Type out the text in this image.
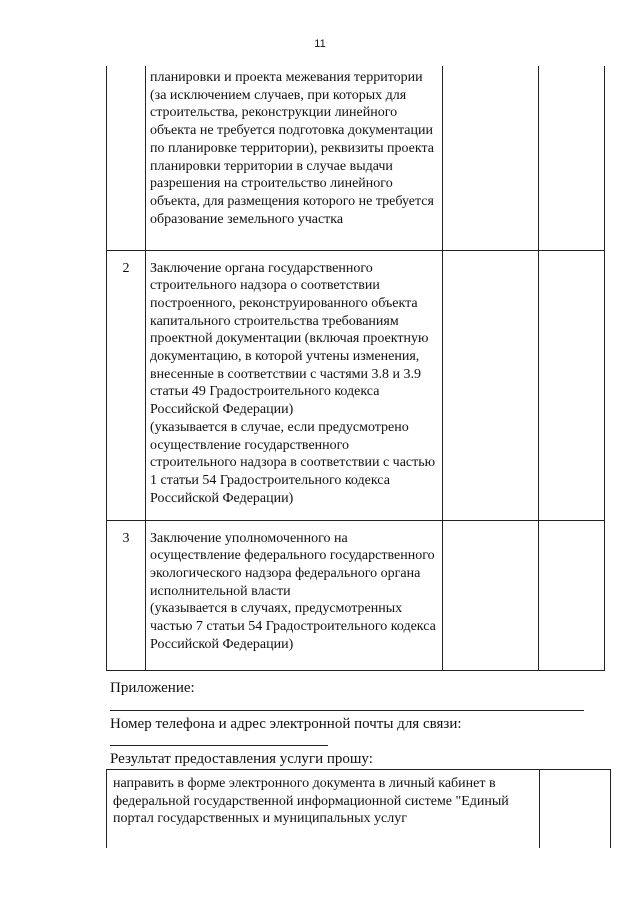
11

	планировки и проекта межевания территории (за исключением случаев, при которых для строительства, реконструкции линейного объекта не требуется подготовка документации по планировке территории), реквизиты проекта планировки территории в случае выдачи разрешения на строительство линейного объекта, для размещения которого не требуется образование земельного участка		

2	Заключение органа государственного строительного надзора о соответствии построенного, реконструированного объекта капитального строительства требованиям проектной документации (включая проектную документацию, в которой учтены изменения, внесенные в соответствии с частями 3.8 и 3.9 статьи 49 Градостроительного кодекса Российской Федерации)
(указывается в случае, если предусмотрено осуществление государственного строительного надзора в соответствии с частью 1 статьи 54 Градостроительного кодекса Российской Федерации)		

3	Заключение уполномоченного на осуществление федерального государственного экологического надзора федерального органа исполнительной власти
(указывается в случаях, предусмотренных частью 7 статьи 54 Градостроительного кодекса Российской Федерации)		

Приложение:
Номер телефона и адрес электронной почты для связи:
Результат предоставления услуги прошу:
направить в форме электронного документа в личный кабинет в федеральной государственной информационной системе "Единый портал государственных и муниципальных услуг	
